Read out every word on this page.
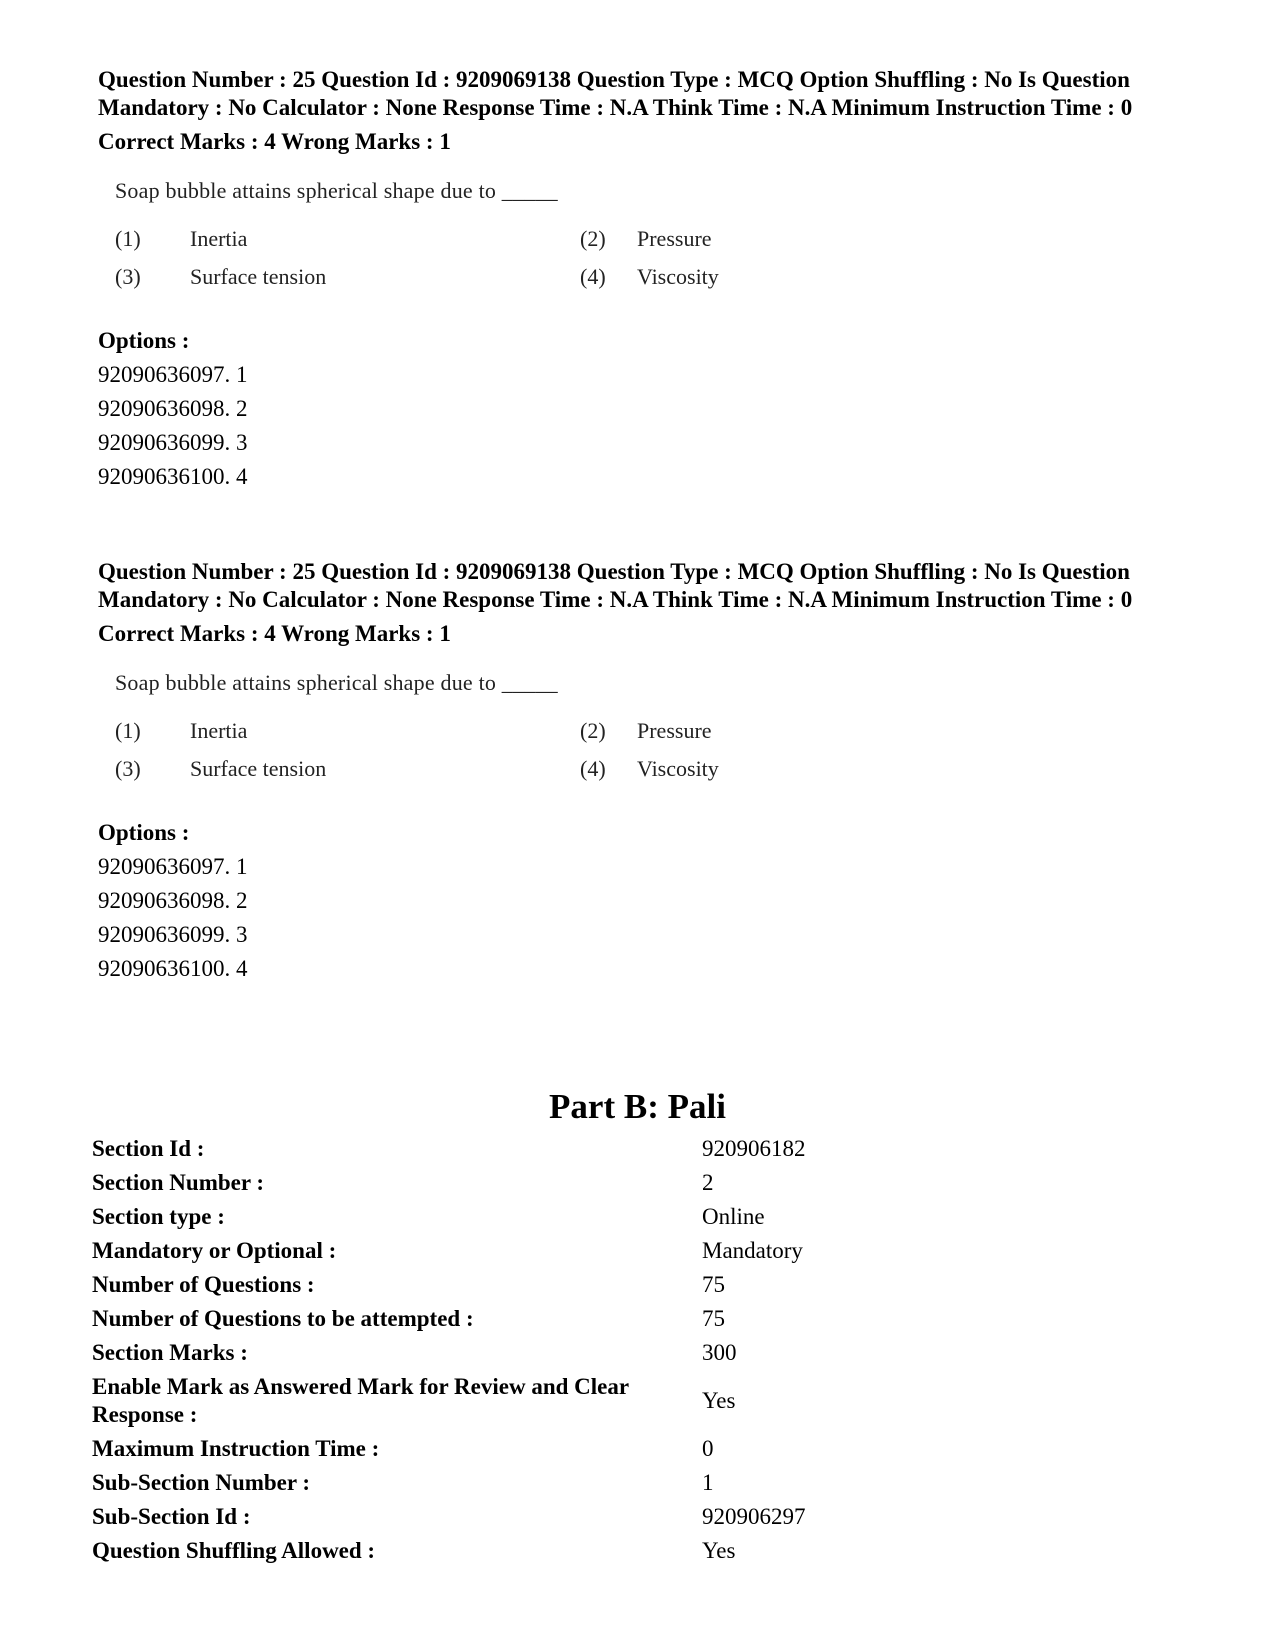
Question Number : 25 Question Id : 9209069138 Question Type : MCQ Option Shuffling : No Is Question Mandatory : No Calculator : None Response Time : N.A Think Time : N.A Minimum Instruction Time : 0

Correct Marks : 4 Wrong Marks : 1

Soap bubble attains spherical shape due to _____
(1) Inertia	(2) Pressure
(3) Surface tension	(4) Viscosity
Options :
92090636097. 1
92090636098. 2
92090636099. 3
92090636100. 4

Question Number : 25 Question Id : 9209069138 Question Type : MCQ Option Shuffling : No Is Question Mandatory : No Calculator : None Response Time : N.A Think Time : N.A Minimum Instruction Time : 0

Correct Marks : 4 Wrong Marks : 1

Soap bubble attains spherical shape due to _____
(1) Inertia	(2) Pressure
(3) Surface tension	(4) Viscosity
Options :
92090636097. 1
92090636098. 2
92090636099. 3
92090636100. 4
Part B: Pali
Section Id :	920906182
Section Number :	2
Section type :	Online
Mandatory or Optional :	Mandatory
Number of Questions :	75
Number of Questions to be attempted :	75
Section Marks :	300
Enable Mark as Answered Mark for Review and Clear Response :	Yes
Maximum Instruction Time :	0
Sub-Section Number :	1
Sub-Section Id :	920906297
Question Shuffling Allowed :	Yes
